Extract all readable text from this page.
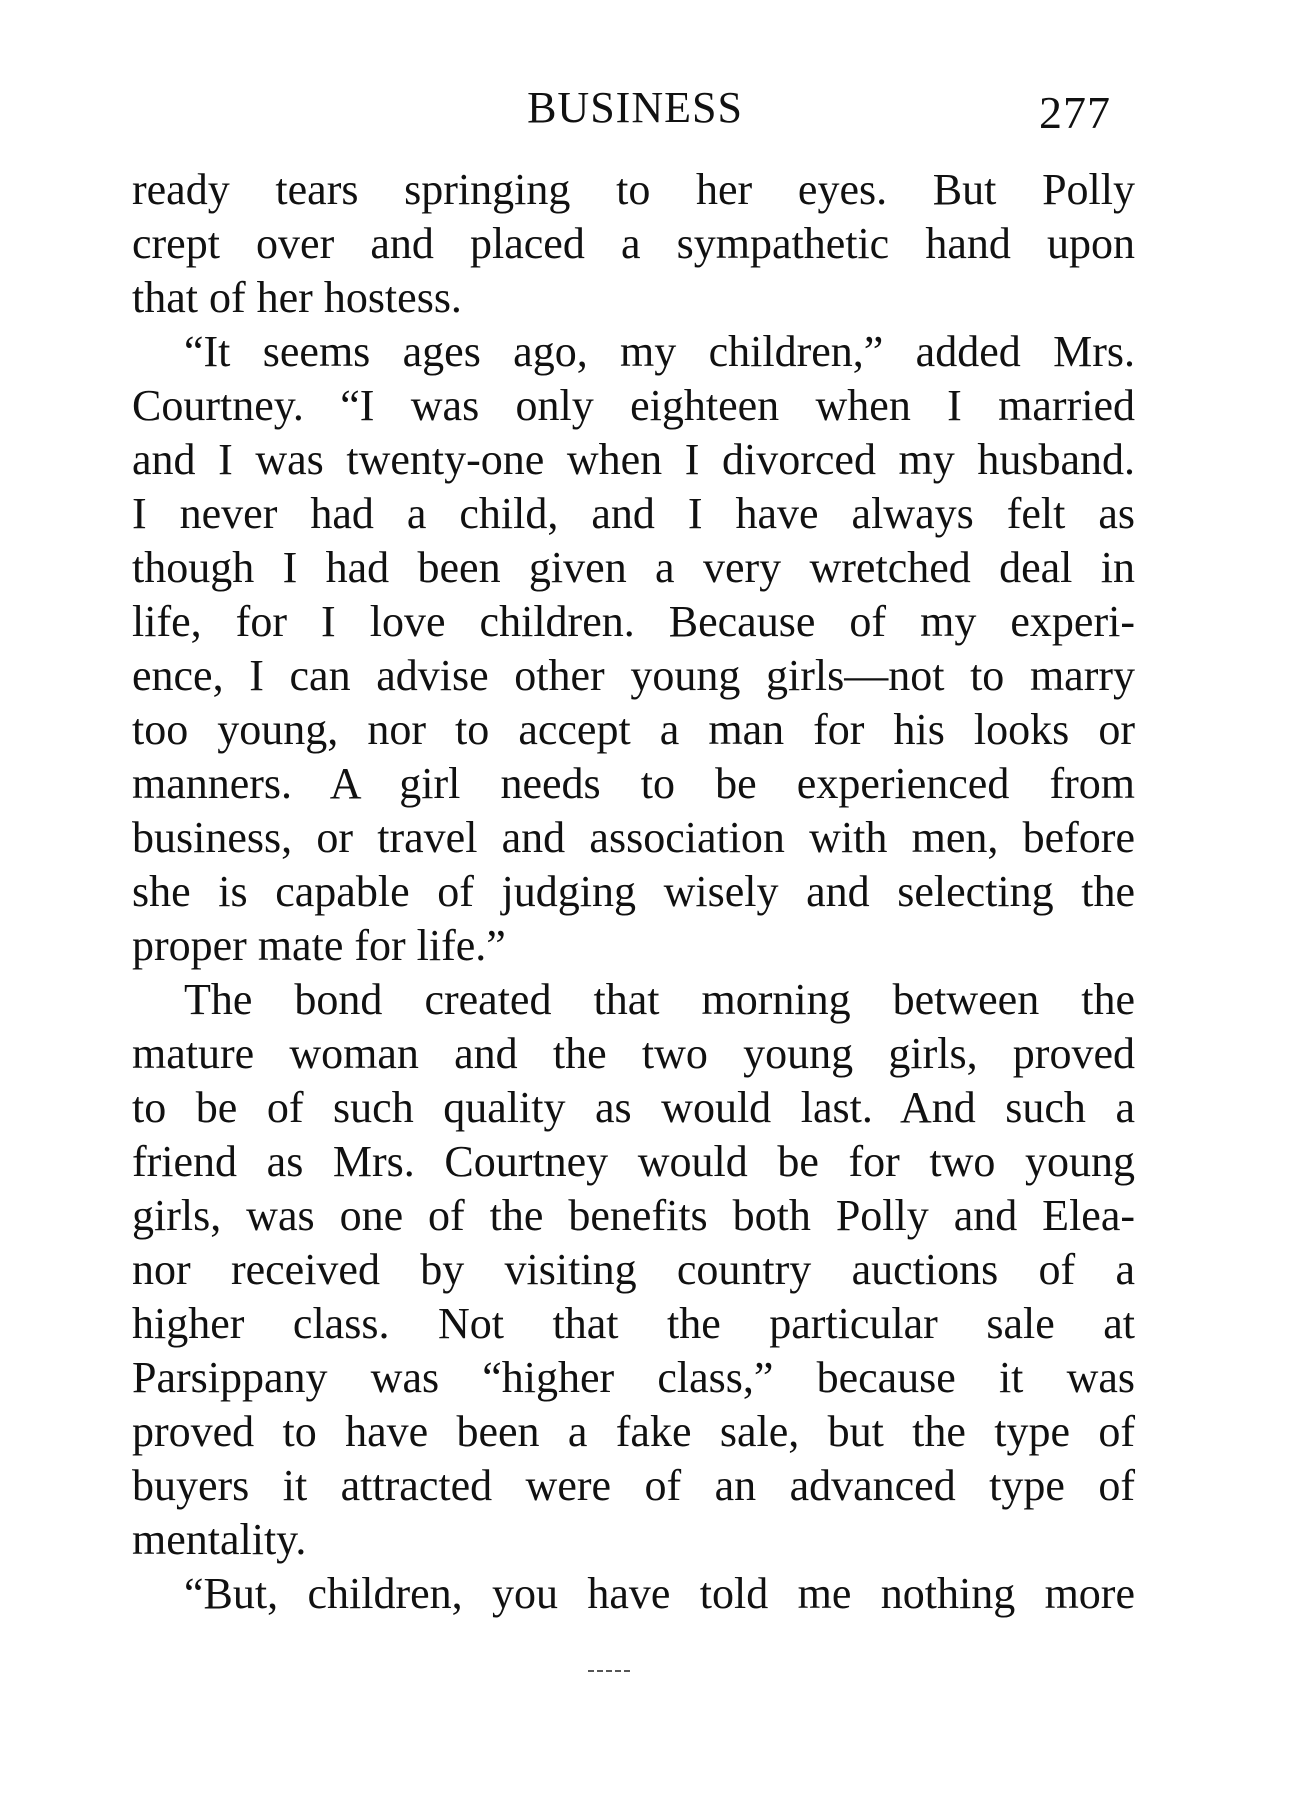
BUSINESS	277
ready tears springing to her eyes. But Polly
crept over and placed a sympathetic hand upon
that of her hostess.
“It seems ages ago, my children,” added Mrs.
Courtney. “I was only eighteen when I married
and I was twenty-one when I divorced my husband.
I never had a child, and I have always felt as
though I had been given a very wretched deal in
life, for I love children. Because of my experi-
ence, I can advise other young girls—not to marry
too young, nor to accept a man for his looks or
manners. A girl needs to be experienced from
business, or travel and association with men, before
she is capable of judging wisely and selecting the
proper mate for life.”
The bond created that morning between the
mature woman and the two young girls, proved
to be of such quality as would last. And such a
friend as Mrs. Courtney would be for two young
girls, was one of the benefits both Polly and Elea-
nor received by visiting country auctions of a
higher class. Not that the particular sale at
Parsippany was “higher class,” because it was
proved to have been a fake sale, but the type of
buyers it attracted were of an advanced type of
mentality.
“But, children, you have told me nothing more
